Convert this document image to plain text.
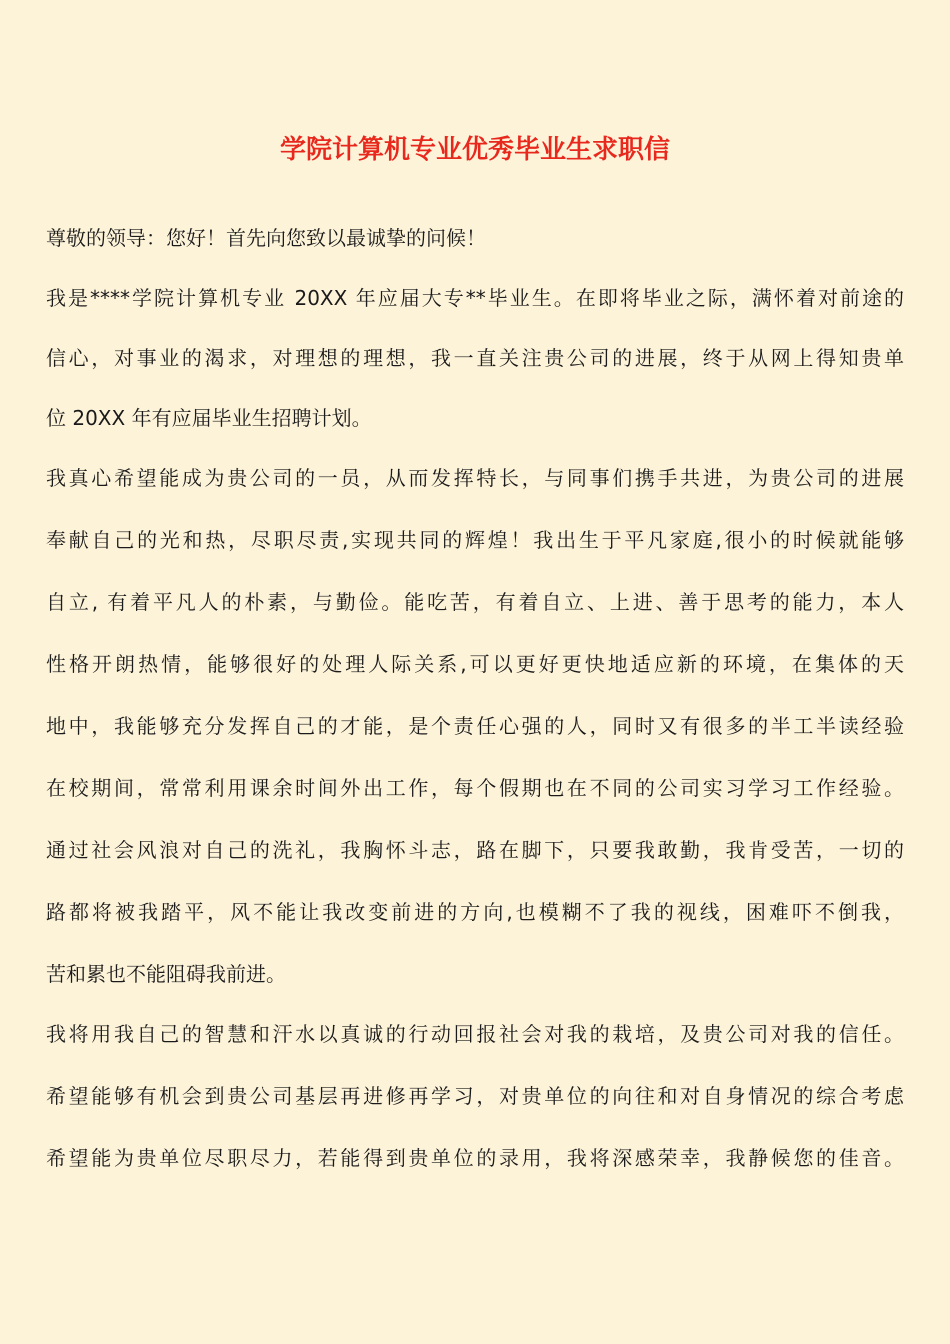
学院计算机专业优秀毕业生求职信

尊敬的领导：您好！首先向您致以最诚挚的问候！

我是****学院计算机专业 20XX 年应届大专**毕业生。在即将毕业之际，满怀着对前途的

信心，对事业的渴求，对理想的理想，我一直关注贵公司的进展，终于从网上得知贵单

位 20XX 年有应届毕业生招聘计划。

我真心希望能成为贵公司的一员，从而发挥特长，与同事们携手共进，为贵公司的进展

奉献自己的光和热，尽职尽责,实现共同的辉煌！我出生于平凡家庭,很小的时候就能够

自立, 有着平凡人的朴素，与勤俭。能吃苦，有着自立、上进、善于思考的能力，本人

性格开朗热情，能够很好的处理人际关系,可以更好更快地适应新的环境，在集体的天

地中，我能够充分发挥自己的才能，是个责任心强的人，同时又有很多的半工半读经验

在校期间，常常利用课余时间外出工作，每个假期也在不同的公司实习学习工作经验。

通过社会风浪对自己的洗礼，我胸怀斗志，路在脚下，只要我敢勤，我肯受苦，一切的

路都将被我踏平，风不能让我改变前进的方向,也模糊不了我的视线，困难吓不倒我，

苦和累也不能阻碍我前进。

我将用我自己的智慧和汗水以真诚的行动回报社会对我的栽培，及贵公司对我的信任。

希望能够有机会到贵公司基层再进修再学习，对贵单位的向往和对自身情况的综合考虑

希望能为贵单位尽职尽力，若能得到贵单位的录用，我将深感荣幸，我静候您的佳音。
